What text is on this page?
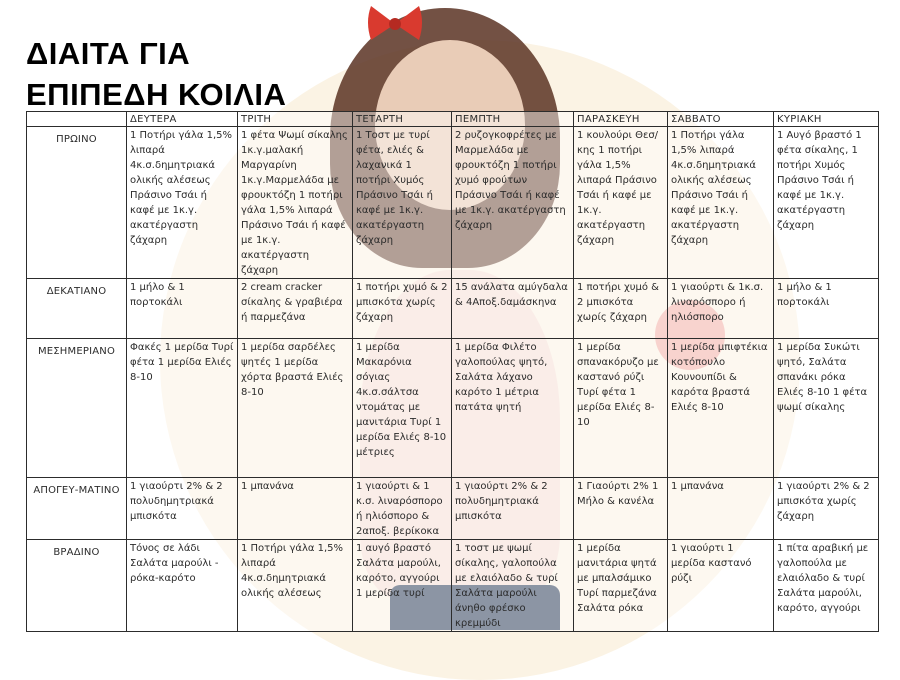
ΔΙΑΙΤΑ ΓΙΑ
ΕΠΙΠΕΔΗ ΚΟΙΛΙΑ
	ΔΕΥΤΕΡΑ	ΤΡΙΤΗ	ΤΕΤΑΡΤΗ	ΠΕΜΠΤΗ	ΠΑΡΑΣΚΕΥΗ	ΣΑΒΒΑΤΟ	ΚΥΡΙΑΚΗ
ΠΡΩΙΝΟ	1 Ποτήρι γάλα 1,5% λιπαρά 4κ.σ.δημητριακά ολικής αλέσεως Πράσινο Τσάι ή καφέ με 1κ.γ. ακατέργαστη ζάχαρη	1 φέτα Ψωμί σίκαλης 1κ.γ.μαλακή Μαργαρίνη 1κ.γ.Μαρμελάδα με φρουκτόζη 1 ποτήρι γάλα 1,5% λιπαρά Πράσινο Τσάι ή καφέ με 1κ.γ. ακατέργαστη ζάχαρη	1 Τοστ με τυρί φέτα, ελιές & λαχανικά 1 ποτήρι Χυμός Πράσινο Τσάι ή καφέ με 1κ.γ. ακατέργαστη ζάχαρη	2 ρυζογκοφρέτες με Μαρμελάδα με φρουκτόζη 1 ποτήρι χυμό φρούτων Πράσινο Τσάι ή καφέ με 1κ.γ. ακατέργαστη ζάχαρη	1 κουλούρι Θεσ/κης 1 ποτήρι γάλα 1,5% λιπαρά Πράσινο Τσάι ή καφέ με 1κ.γ. ακατέργαστη ζάχαρη	1 Ποτήρι γάλα 1,5% λιπαρά 4κ.σ.δημητριακά ολικής αλέσεως Πράσινο Τσάι ή καφέ με 1κ.γ. ακατέργαστη ζάχαρη	1 Αυγό βραστό 1 φέτα σίκαλης, 1 ποτήρι Χυμός Πράσινο Τσάι ή καφέ με 1κ.γ. ακατέργαστη ζάχαρη
ΔΕΚΑΤΙΑΝΟ	1 μήλο & 1 πορτοκάλι	2 cream cracker σίκαλης & γραβιέρα ή παρμεζάνα	1 ποτήρι χυμό & 2 μπισκότα χωρίς ζάχαρη	15 ανάλατα αμύγδαλα & 4Αποξ.δαμάσκηνα	1 ποτήρι χυμό & 2 μπισκότα χωρίς ζάχαρη	1 γιαούρτι & 1κ.σ. λιναρόσπορο ή ηλιόσπορο	1 μήλο & 1 πορτοκάλι
ΜΕΣΗΜΕΡΙΑΝΟ	Φακές 1 μερίδα Τυρί φέτα 1 μερίδα Ελιές 8-10	1 μερίδα σαρδέλες ψητές 1 μερίδα χόρτα βραστά Ελιές 8-10	1 μερίδα Μακαρόνια σόγιας 4κ.σ.σάλτσα ντομάτας με μανιτάρια Τυρί 1 μερίδα Ελιές 8-10 μέτριες	1 μερίδα Φιλέτο γαλοπούλας ψητό, Σαλάτα λάχανο καρότο 1 μέτρια πατάτα ψητή	1 μερίδα σπανακόρυζο με καστανό ρύζι Τυρί φέτα 1 μερίδα Ελιές 8-10	1 μερίδα μπιφτέκια κοτόπουλο Κουνουπίδι & καρότα βραστά Ελιές 8-10	1 μερίδα Συκώτι ψητό, Σαλάτα σπανάκι ρόκα Ελιές 8-10 1 φέτα ψωμί σίκαλης
ΑΠΟΓΕΥ-ΜΑΤΙΝΟ	1 γιαούρτι 2% & 2 πολυδημητριακά μπισκότα	1 μπανάνα	1 γιαούρτι & 1 κ.σ. λιναρόσπορο ή ηλιόσπορο & 2αποξ. βερίκοκα	1 γιαούρτι 2% & 2 πολυδημητριακά μπισκότα	1 Γιαούρτι 2% 1 Μήλο & κανέλα	1 μπανάνα	1 γιαούρτι 2% & 2 μπισκότα χωρίς ζάχαρη
ΒΡΑΔΙΝΟ	Τόνος σε λάδι Σαλάτα μαρούλι - ρόκα-καρότο	1 Ποτήρι γάλα 1,5% λιπαρά 4κ.σ.δημητριακά ολικής αλέσεως	1 αυγό βραστό Σαλάτα μαρούλι, καρότο, αγγούρι 1 μερίδα τυρί	1 τοστ με ψωμί σίκαλης, γαλοπούλα με ελαιόλαδο & τυρί Σαλάτα μαρούλι άνηθο φρέσκο κρεμμύδι	1 μερίδα μανιτάρια ψητά με μπαλσάμικο Τυρί παρμεζάνα Σαλάτα ρόκα	1 γιαούρτι 1 μερίδα καστανό ρύζι	1 πίτα αραβική με γαλοπούλα με ελαιόλαδο & τυρί Σαλάτα μαρούλι, καρότο, αγγούρι
